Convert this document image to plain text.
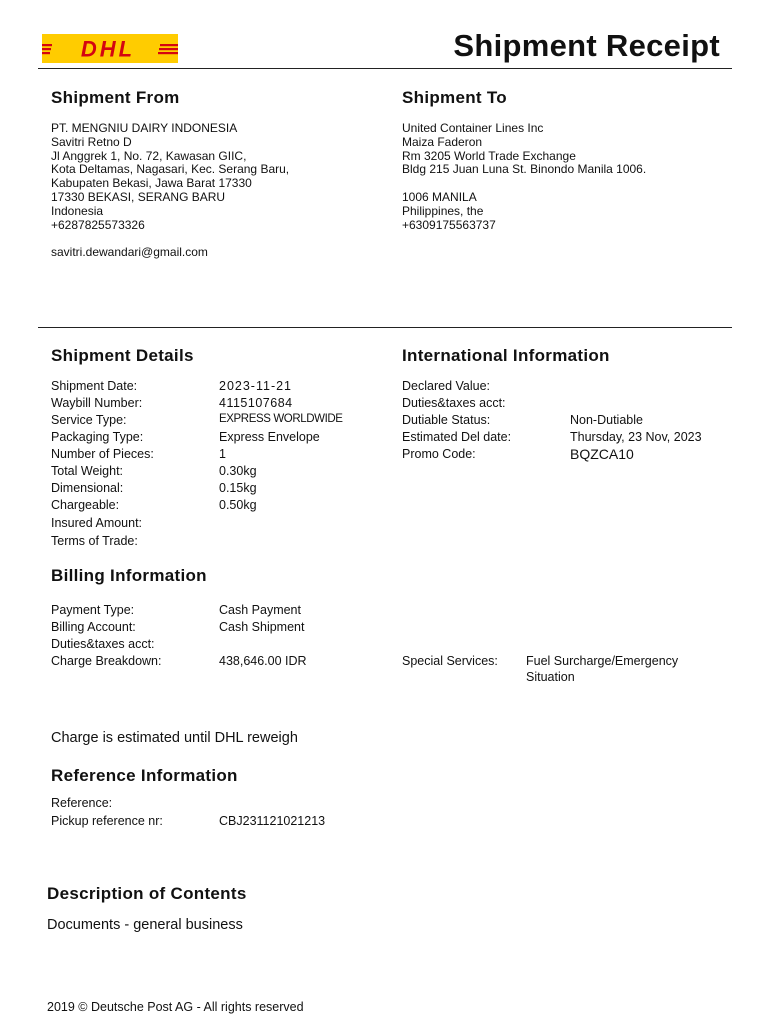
DHL	Shipment Receipt
Shipment From
PT. MENGNIU DAIRY INDONESIA
Savitri Retno D
Jl Anggrek 1, No. 72, Kawasan GIIC,
Kota Deltamas, Nagasari, Kec. Serang Baru,
Kabupaten Bekasi, Jawa Barat 17330
17330 BEKASI, SERANG BARU
Indonesia
+6287825573326
savitri.dewandari@gmail.com
Shipment To
United Container Lines Inc
Maiza Faderon
Rm 3205 World Trade Exchange
Bldg 215 Juan Luna St. Binondo Manila 1006.
1006 MANILA
Philippines, the
+6309175563737
Shipment Details
Shipment Date:	2023-11-21
Waybill Number:	4115107684
Service Type:	EXPRESS WORLDWIDE
Packaging Type:	Express Envelope
Number of Pieces:	1
Total Weight:	0.30kg
Dimensional:	0.15kg
Chargeable:	0.50kg
Insured Amount:
Terms of Trade:
International Information
Declared Value:
Duties&taxes acct:
Dutiable Status:	Non-Dutiable
Estimated Del date:	Thursday, 23 Nov, 2023
Promo Code:	BQZCA10
Billing Information
Payment Type:	Cash Payment
Billing Account:	Cash Shipment
Duties&taxes acct:
Charge Breakdown:	438,646.00 IDR	Special Services: Fuel Surcharge/Emergency
Situation
Charge is estimated until DHL reweigh
Reference Information
Reference:
Pickup reference nr:	CBJ231121021213
Description of Contents
Documents - general business
2019 © Deutsche Post AG - All rights reserved
